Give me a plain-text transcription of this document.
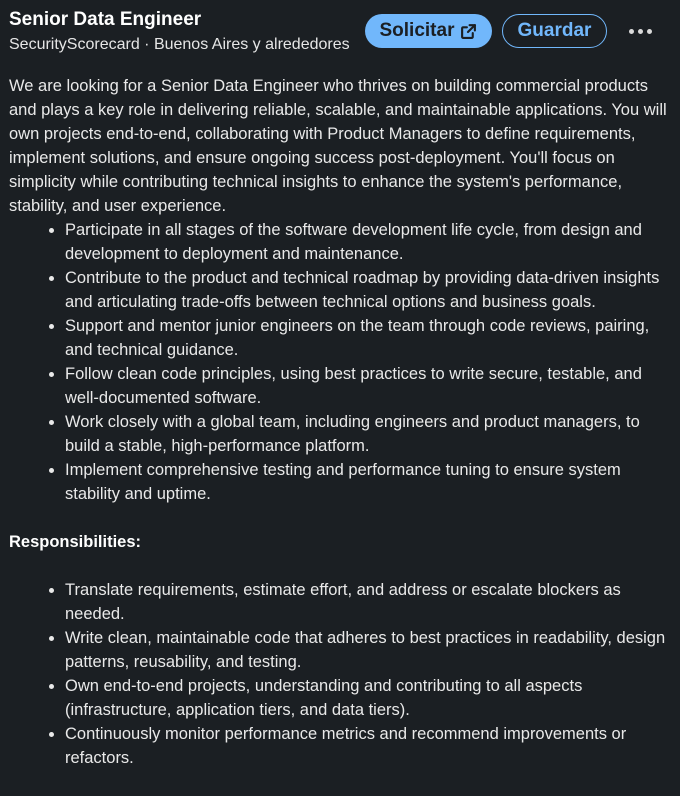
Senior Data Engineer
SecurityScorecard · Buenos Aires y alrededores
Solicitar	Guardar

We are looking for a Senior Data Engineer who thrives on building commercial products and plays a key role in delivering reliable, scalable, and maintainable applications. You will own projects end-to-end, collaborating with Product Managers to define requirements, implement solutions, and ensure ongoing success post-deployment. You'll focus on simplicity while contributing technical insights to enhance the system's performance, stability, and user experience.

• Participate in all stages of the software development life cycle, from design and development to deployment and maintenance.
• Contribute to the product and technical roadmap by providing data-driven insights and articulating trade-offs between technical options and business goals.
• Support and mentor junior engineers on the team through code reviews, pairing, and technical guidance.
• Follow clean code principles, using best practices to write secure, testable, and well-documented software.
• Work closely with a global team, including engineers and product managers, to build a stable, high-performance platform.
• Implement comprehensive testing and performance tuning to ensure system stability and uptime.

Responsibilities:

• Translate requirements, estimate effort, and address or escalate blockers as needed.
• Write clean, maintainable code that adheres to best practices in readability, design patterns, reusability, and testing.
• Own end-to-end projects, understanding and contributing to all aspects (infrastructure, application tiers, and data tiers).
• Continuously monitor performance metrics and recommend improvements or refactors.
